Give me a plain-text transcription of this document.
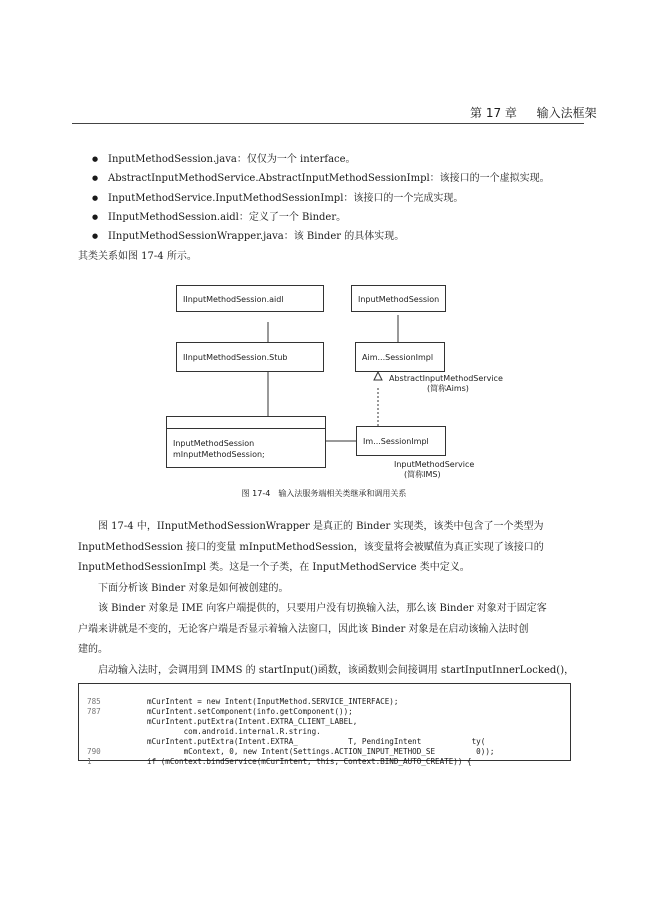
第 17 章 输入法框架
● InputMethodSession.java：仅仅为一个 interface。
● AbstractInputMethodService.AbstractInputMethodSessionImpl：该接口的一个虚拟实现。
● InputMethodService.InputMethodSessionImpl：该接口的一个完成实现。
● IInputMethodSession.aidl：定义了一个 Binder。
● IInputMethodSessionWrapper.java：该 Binder 的具体实现。
其类关系如图 17-4 所示。
IInputMethodSession.aidl	InputMethodSession
IInputMethodSession.Stub	Aim...SessionImpl
AbstractInputMethodService
(简称Aims)
InputMethodSession
mInputMethodSession;
Im...SessionImpl
InputMethodService
(简称IMS)
图 17-4　输入法服务端相关类继承和调用关系
图 17-4 中，IInputMethodSessionWrapper 是真正的 Binder 实现类，该类中包含了一个类型为
InputMethodSession 接口的变量 mInputMethodSession，该变量将会被赋值为真正实现了该接口的
InputMethodSessionImpl 类。这是一个子类，在 InputMethodService 类中定义。
下面分析该 Binder 对象是如何被创建的。
该 Binder 对象是 IME 向客户端提供的，只要用户没有切换输入法，那么该 Binder 对象对于固定客
户端来讲就是不变的，无论客户端是否显示着输入法窗口，因此该 Binder 对象是在启动该输入法时创
建的。
启动输入法时，会调用到 IMMS 的 startInput()函数，该函数则会间接调用 startInputInnerLocked()，

785	mCurIntent = new Intent(InputMethod.SERVICE_INTERFACE);

787	mCurIntent.setComponent(info.getComponent());

mCurIntent.putExtra(Intent.EXTRA_CLIENT_LABEL,

com.android.internal.R.string.

mCurIntent.putExtra(Intent.EXTRA_           T, PendingIntent           ty(

790	mContext, 0, new Intent(Settings.ACTION_INPUT_METHOD_SE         0));

1	if (mContext.bindService(mCurIntent, this, Context.BIND_AUTO_CREATE)) {
